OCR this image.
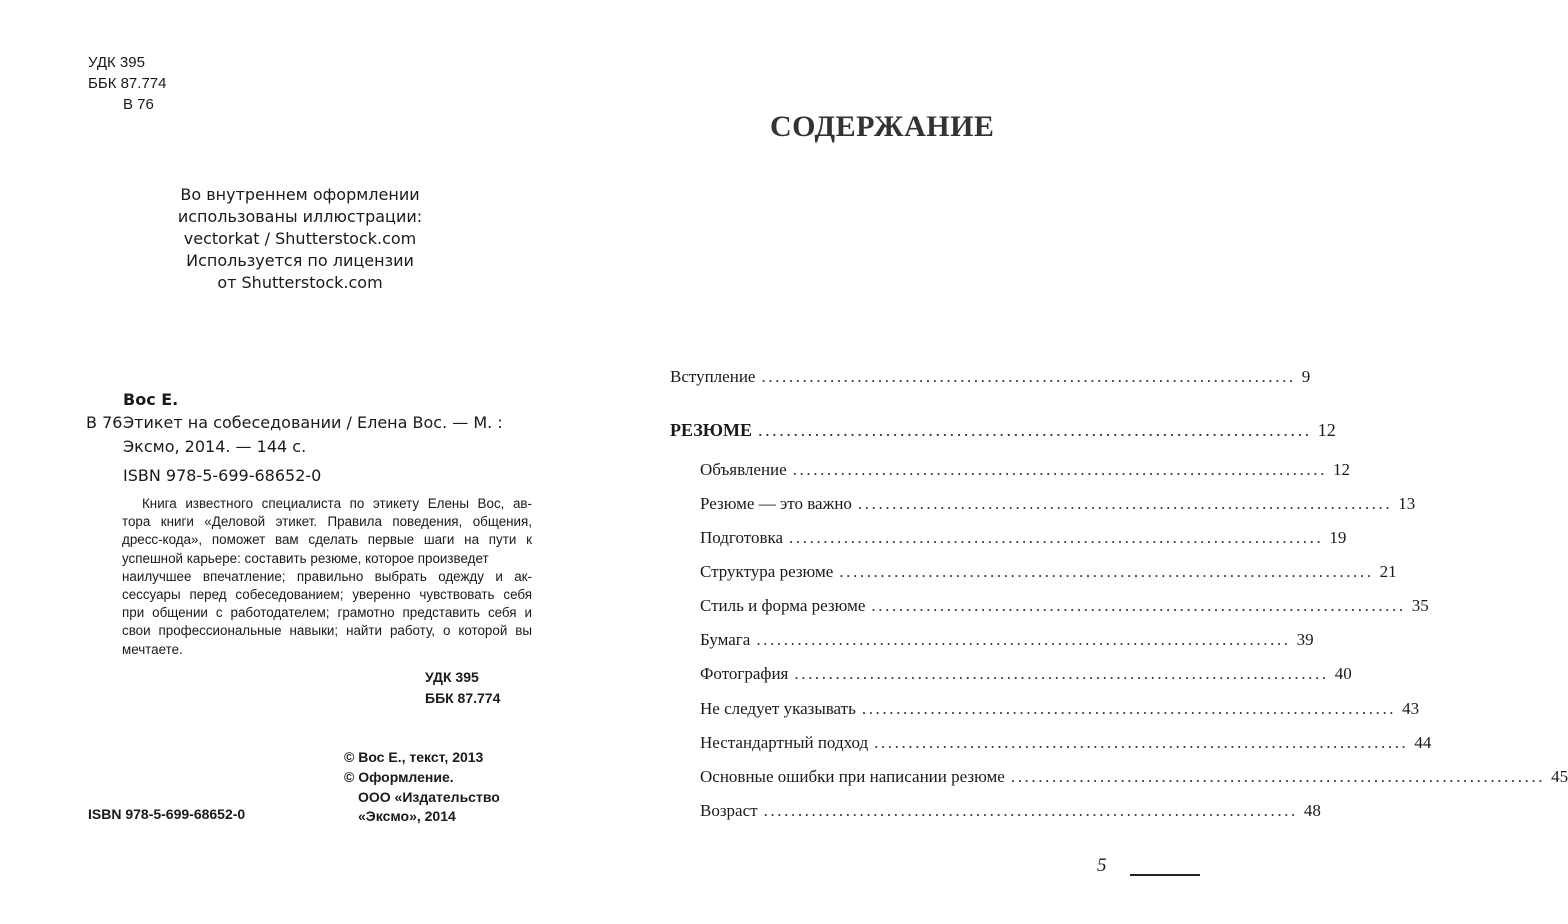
УДК 395
ББК 87.774
В 76
Во внутреннем оформлении
использованы иллюстрации:
vectorkat / Shutterstock.com
Используется по лицензии
от Shutterstock.com
Вос Е.
В 76 Этикет на собеседовании / Елена Вос. — М. :
Эксмо, 2014. — 144 с.
ISBN 978-5-699-68652-0
Книга известного специалиста по этикету Елены Вос, ав-
тора книги «Деловой этикет. Правила поведения, общения,
дресс-кода», поможет вам сделать первые шаги на пути к
успешной карьере: составить резюме, которое произведет
наилучшее впечатление; правильно выбрать одежду и ак-
сессуары перед собеседованием; уверенно чувствовать себя
при общении с работодателем; грамотно представить себя и
свои профессиональные навыки; найти работу, о которой вы
мечтаете.
УДК 395
ББК 87.774
© Вос Е., текст, 2013
© Оформление.
ООО «Издательство
«Эксмо», 2014
ISBN 978-5-699-68652-0
СОДЕРЖАНИЕ
Вступление .............................................................................. 9
РЕЗЮМЕ .............................................................................. 12
Объявление .............................................................................. 12
Резюме — это важно .............................................................................. 13
Подготовка .............................................................................. 19
Структура резюме .............................................................................. 21
Стиль и форма резюме .............................................................................. 35
Бумага .............................................................................. 39
Фотография .............................................................................. 40
Не следует указывать .............................................................................. 43
Нестандартный подход .............................................................................. 44
Основные ошибки при написании резюме .............................................................................. 45
Возраст .............................................................................. 48
5
